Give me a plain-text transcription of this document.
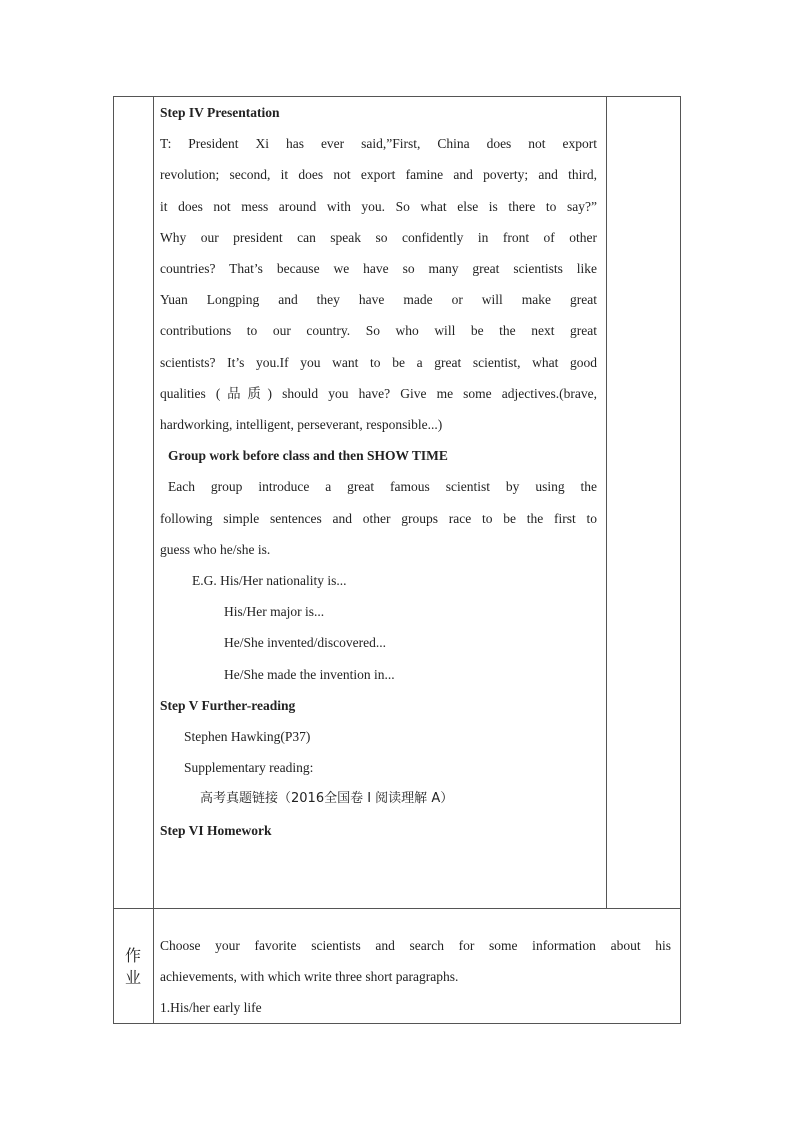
Step IV Presentation
T: President Xi has ever said,”First, China does not export
revolution; second, it does not export famine and poverty; and third,
it does not mess around with you. So what else is there to say?”
Why our president can speak so confidently in front of other
countries? That’s because we have so many great scientists like
Yuan Longping and they have made or will make great
contributions to our country. So who will be the next great
scientists? It’s you.If you want to be a great scientist, what good
qualities (品质) should you have? Give me some adjectives.(brave,
hardworking, intelligent, perseverant, responsible...)
Group work before class and then SHOW TIME
Each group introduce a great famous scientist by using the
following simple sentences and other groups race to be the first to
guess who he/she is.
E.G. His/Her nationality is...
His/Her major is...
He/She invented/discovered...
He/She made the invention in...
Step V Further-reading
Stephen Hawking(P37)
Supplementary reading:
高考真题链接（2016全国卷 I 阅读理解 A）
Step VI Homework
作
业
Choose your favorite scientists and search for some information about his
achievements, with which write three short paragraphs.
1.His/her early life
